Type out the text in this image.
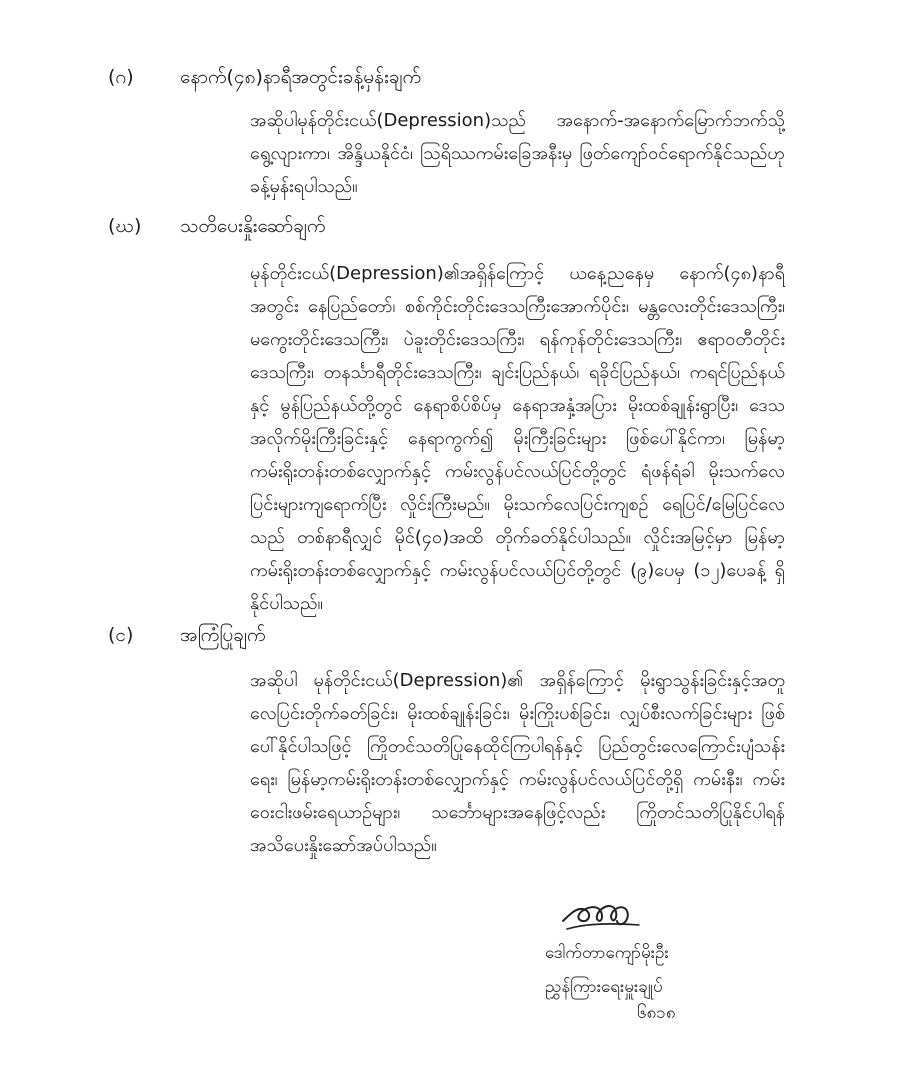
(ဂ) နောက်(၄၈)နာရီအတွင်းခန့်မှန်းချက်

အဆိုပါမုန်တိုင်းငယ်(Depression)သည် အနောက်-အနောက်မြောက်ဘက်သို့ ရွေ့လျားကာ၊ အိန္ဒိယနိုင်ငံ၊ ဩရိဿကမ်းခြေအနီးမှ ဖြတ်ကျော်ဝင်ရောက်နိုင်သည်ဟု ခန့်မှန်းရပါသည်။

(ဃ) သတိပေးနှိုးဆော်ချက်

မုန်တိုင်းငယ်(Depression)၏အရှိန်ကြောင့် ယနေ့ညနေမှ နောက်(၄၈)နာရီအတွင်း နေပြည်တော်၊ စစ်ကိုင်းတိုင်းဒေသကြီးအောက်ပိုင်း၊ မန္တလေးတိုင်းဒေသကြီး၊ မကွေးတိုင်းဒေသကြီး၊ ပဲခူးတိုင်းဒေသကြီး၊ ရန်ကုန်တိုင်းဒေသကြီး၊ ဧရာဝတီတိုင်းဒေသကြီး၊ တနင်္သာရီတိုင်းဒေသကြီး၊ ချင်းပြည်နယ်၊ ရခိုင်ပြည်နယ်၊ ကရင်ပြည်နယ်နှင့် မွန်ပြည်နယ်တို့တွင် နေရာစိပ်စိပ်မှ နေရာအနှံ့အပြား မိုးထစ်ချုန်းရွာပြီး၊ ဒေသအလိုက်မိုးကြီးခြင်းနှင့် နေရာကွက်၍ မိုးကြီးခြင်းများ ဖြစ်ပေါ်နိုင်ကာ၊ မြန်မာ့ကမ်းရိုးတန်းတစ်လျှောက်နှင့် ကမ်းလွန်ပင်လယ်ပြင်တို့တွင် ရံဖန်ရံခါ မိုးသက်လေပြင်းများကျရောက်ပြီး လှိုင်းကြီးမည်။ မိုးသက်လေပြင်းကျစဉ် ရေပြင်/မြေပြင်လေသည် တစ်နာရီလျှင် မိုင်(၄၀)အထိ တိုက်ခတ်နိုင်ပါသည်။ လှိုင်းအမြင့်မှာ မြန်မာ့ကမ်းရိုးတန်းတစ်လျှောက်နှင့် ကမ်းလွန်ပင်လယ်ပြင်တို့တွင် (၉)ပေမှ (၁၂)ပေခန့် ရှိနိုင်ပါသည်။

(င) အကြံပြုချက်

အဆိုပါ မုန်တိုင်းငယ်(Depression)၏ အရှိန်ကြောင့် မိုးရွာသွန်းခြင်းနှင့်အတူ လေပြင်းတိုက်ခတ်ခြင်း၊ မိုးထစ်ချုန်းခြင်း၊ မိုးကြိုးပစ်ခြင်း၊ လျှပ်စီးလက်ခြင်းများ ဖြစ်ပေါ်နိုင်ပါသဖြင့် ကြိုတင်သတိပြုနေထိုင်ကြပါရန်နှင့် ပြည်တွင်းလေကြောင်းပျံသန်းရေး၊ မြန်မာ့ကမ်းရိုးတန်းတစ်လျှောက်နှင့် ကမ်းလွန်ပင်လယ်ပြင်တို့ရှိ ကမ်းနီး၊ ကမ်းဝေးငါးဖမ်းရေယာဉ်များ၊ သင်္ဘောများအနေဖြင့်လည်း ကြိုတင်သတိပြုနိုင်ပါရန် အသိပေးနှိုးဆော်အပ်ပါသည်။

ဒေါက်တာကျော်မိုးဦး
ညွှန်ကြားရေးမှူးချုပ်
၆၈၁၈
